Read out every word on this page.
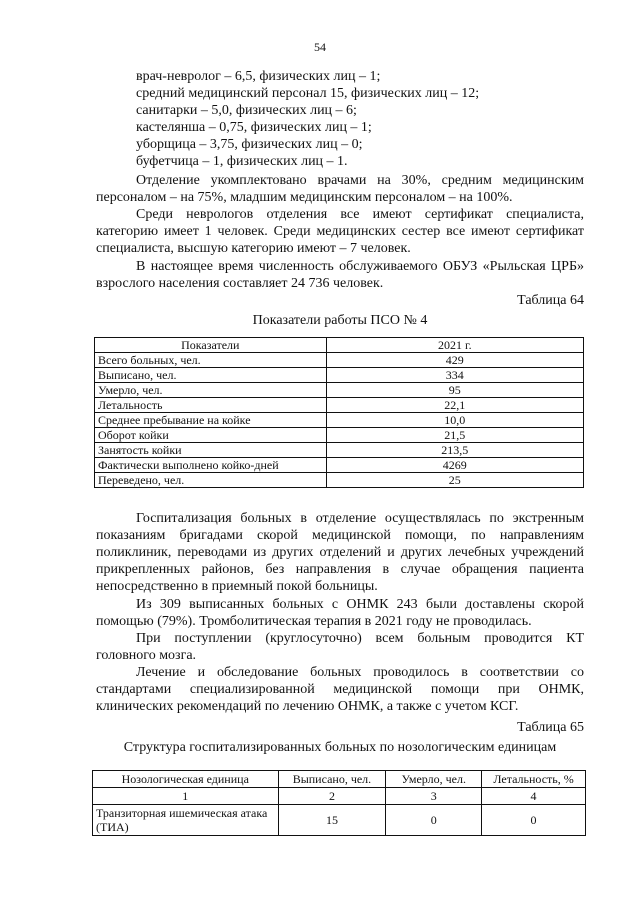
54
врач-невролог – 6,5, физических лиц – 1;
средний медицинский персонал 15, физических лиц – 12;
санитарки – 5,0, физических лиц – 6;
кастелянша – 0,75, физических лиц – 1;
уборщица – 3,75, физических лиц – 0;
буфетчица – 1, физических лиц – 1.
Отделение укомплектовано врачами на 30%, средним медицинским персоналом – на 75%, младшим медицинским персоналом – на 100%.
Среди неврологов отделения все имеют сертификат специалиста, категорию имеет 1 человек. Среди медицинских сестер все имеют сертификат специалиста, высшую категорию имеют – 7 человек.
В настоящее время численность обслуживаемого ОБУЗ «Рыльская ЦРБ» взрослого населения составляет 24 736 человек.
Таблица 64
Показатели работы ПСО № 4
Показатели	2021 г.
Всего больных, чел.	429
Выписано, чел.	334
Умерло, чел.	95
Летальность	22,1
Среднее пребывание на койке	10,0
Оборот койки	21,5
Занятость койки	213,5
Фактически выполнено койко-дней	4269
Переведено, чел.	25
Госпитализация больных в отделение осуществлялась по экстренным показаниям бригадами скорой медицинской помощи, по направлениям поликлиник, переводами из других отделений и других лечебных учреждений прикрепленных районов, без направления в случае обращения пациента непосредственно в приемный покой больницы.
Из 309 выписанных больных с ОНМК 243 были доставлены скорой помощью (79%). Тромболитическая терапия в 2021 году не проводилась.
При поступлении (круглосуточно) всем больным проводится КТ головного мозга.
Лечение и обследование больных проводилось в соответствии со стандартами специализированной медицинской помощи при ОНМК, клинических рекомендаций по лечению ОНМК, а также с учетом КСГ.
Таблица 65
Структура госпитализированных больных по нозологическим единицам
Нозологическая единица	Выписано, чел.	Умерло, чел.	Летальность, %
1	2	3	4
Транзиторная ишемическая атака (ТИА)	15	0	0
